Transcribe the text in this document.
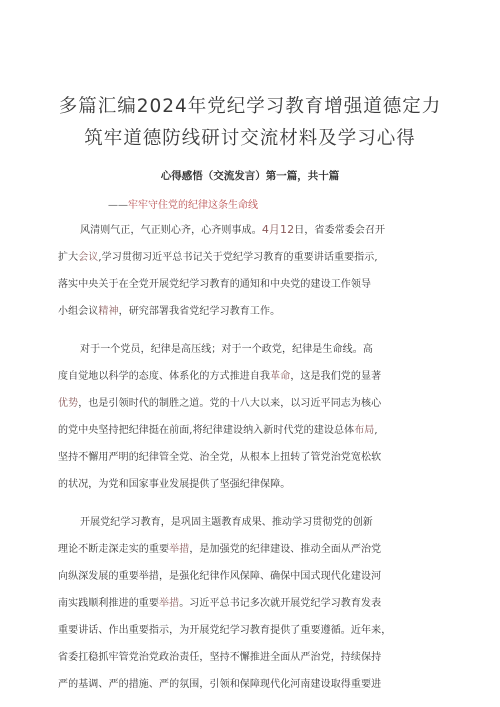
多篇汇编2024年党纪学习教育增强道德定力
筑牢道德防线研讨交流材料及学习心得
心得感悟（交流发言）第一篇，共十篇
——牢牢守住党的纪律这条生命线
风清则气正，气正则心齐，心齐则事成。4月12日，省委常委会召开
扩大会议,学习贯彻习近平总书记关于党纪学习教育的重要讲话重要指示,
落实中央关于在全党开展党纪学习教育的通知和中央党的建设工作领导
小组会议精神，研究部署我省党纪学习教育工作。
对于一个党员，纪律是高压线；对于一个政党，纪律是生命线。高
度自觉地以科学的态度、体系化的方式推进自我革命，这是我们党的显著
优势，也是引领时代的制胜之道。党的十八大以来，以习近平同志为核心
的党中央坚持把纪律挺在前面,将纪律建设纳入新时代党的建设总体布局,
坚持不懈用严明的纪律管全党、治全党，从根本上扭转了管党治党宽松软
的状况，为党和国家事业发展提供了坚强纪律保障。
开展党纪学习教育，是巩固主题教育成果、推动学习贯彻党的创新
理论不断走深走实的重要举措，是加强党的纪律建设、推动全面从严治党
向纵深发展的重要举措，是强化纪律作风保障、确保中国式现代化建设河
南实践顺利推进的重要举措。习近平总书记多次就开展党纪学习教育发表
重要讲话、作出重要指示，为开展党纪学习教育提供了重要遵循。近年来，
省委扛稳抓牢管党治党政治责任，坚持不懈推进全面从严治党，持续保持
严的基调、严的措施、严的氛围，引领和保障现代化河南建设取得重要进
